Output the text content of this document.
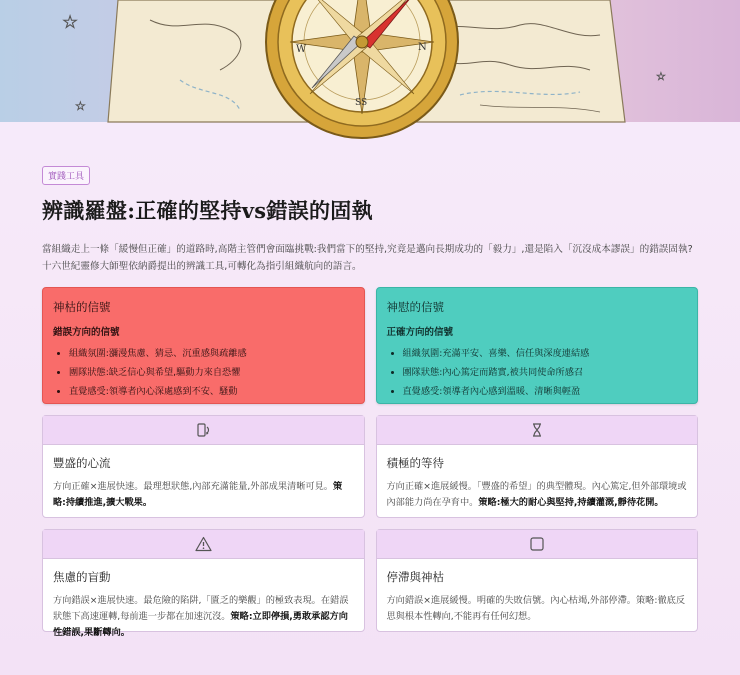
☆
☆
☆
W	N
SS
實踐工具
辨識羅盤:正確的堅持vs錯誤的固執

當組織走上一條「緩慢但正確」的道路時,高階主管們會面臨挑戰:我們當下的堅持,究竟是邁向長期成功的「毅力」,還是陷入「沉沒成本謬誤」的錯誤固執?十六世紀靈修大師聖依納爵提出的辨識工具,可轉化為指引組織航向的語言。

神枯的信號
錯誤方向的信號
• 組織氛圍:瀰漫焦慮、猜忌、沉重感與疏離感
• 團隊狀態:缺乏信心與希望,驅動力來自恐懼
• 直覺感受:領導者內心深處感到不安、騷動
神慰的信號
正確方向的信號
• 組織氛圍:充滿平安、喜樂、信任與深度連結感
• 團隊狀態:內心篤定而踏實,被共同使命所感召
• 直覺感受:領導者內心感到溫暖、清晰與輕盈
豐盛的心流

方向正確×進展快速。最理想狀態,內部充滿能量,外部成果清晰可見。策略:持續推進,擴大戰果。

積極的等待

方向正確×進展緩慢。「豐盛的希望」的典型體現。內心篤定,但外部環境或內部能力尚在孕育中。策略:極大的耐心與堅持,持續灌溉,靜待花開。

焦慮的盲動

方向錯誤×進展快速。最危險的陷阱,「匱乏的樂觀」的極致表現。在錯誤狀態下高速運轉,每前進一步都在加速沉沒。策略:立即停損,勇敢承認方向性錯誤,果斷轉向。

停滯與神枯

方向錯誤×進展緩慢。明確的失敗信號。內心枯竭,外部停滯。策略:徹底反思與根本性轉向,不能再有任何幻想。
